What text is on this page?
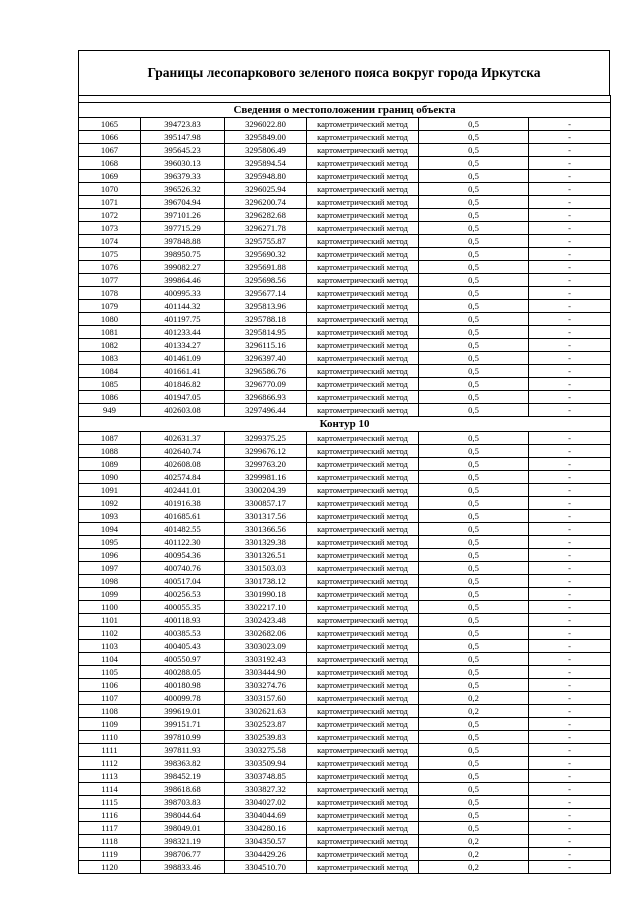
Границы лесопаркового зеленого пояса вокруг города Иркутска

Сведения о местоположении границ объекта					
1065	394723.83	3296022.80	картометрический метод	0,5	-
1066	395147.98	3295849.00	картометрический метод	0,5	-
1067	395645.23	3295806.49	картометрический метод	0,5	-
1068	396030.13	3295894.54	картометрический метод	0,5	-
1069	396379.33	3295948.80	картометрический метод	0,5	-
1070	396526.32	3296025.94	картометрический метод	0,5	-
1071	396704.94	3296200.74	картометрический метод	0,5	-
1072	397101.26	3296282.68	картометрический метод	0,5	-
1073	397715.29	3296271.78	картометрический метод	0,5	-
1074	397848.88	3295755.87	картометрический метод	0,5	-
1075	398950.75	3295690.32	картометрический метод	0,5	-
1076	399082.27	3295691.88	картометрический метод	0,5	-
1077	399864.46	3295698.56	картометрический метод	0,5	-
1078	400995.33	3295677.14	картометрический метод	0,5	-
1079	401144.32	3295813.96	картометрический метод	0,5	-
1080	401197.75	3295788.18	картометрический метод	0,5	-
1081	401233.44	3295814.95	картометрический метод	0,5	-
1082	401334.27	3296115.16	картометрический метод	0,5	-
1083	401461.09	3296397.40	картометрический метод	0,5	-
1084	401661.41	3296586.76	картометрический метод	0,5	-
1085	401846.82	3296770.09	картометрический метод	0,5	-
1086	401947.05	3296866.93	картометрический метод	0,5	-
949	402603.08	3297496.44	картометрический метод	0,5	-
Контур 10					
1087	402631.37	3299375.25	картометрический метод	0,5	-
1088	402640.74	3299676.12	картометрический метод	0,5	-
1089	402608.08	3299763.20	картометрический метод	0,5	-
1090	402574.84	3299981.16	картометрический метод	0,5	-
1091	402441.01	3300204.39	картометрический метод	0,5	-
1092	401916.38	3300857.17	картометрический метод	0,5	-
1093	401685.61	3301317.56	картометрический метод	0,5	-
1094	401482.55	3301366.56	картометрический метод	0,5	-
1095	401122.30	3301329.38	картометрический метод	0,5	-
1096	400954.36	3301326.51	картометрический метод	0,5	-
1097	400740.76	3301503.03	картометрический метод	0,5	-
1098	400517.04	3301738.12	картометрический метод	0,5	-
1099	400256.53	3301990.18	картометрический метод	0,5	-
1100	400055.35	3302217.10	картометрический метод	0,5	-
1101	400118.93	3302423.48	картометрический метод	0,5	-
1102	400385.53	3302682.06	картометрический метод	0,5	-
1103	400405.43	3303023.09	картометрический метод	0,5	-
1104	400550.97	3303192.43	картометрический метод	0,5	-
1105	400288.05	3303444.90	картометрический метод	0,5	-
1106	400180.98	3303274.76	картометрический метод	0,5	-
1107	400099.78	3303157.60	картометрический метод	0,2	-
1108	399619.01	3302621.63	картометрический метод	0,2	-
1109	399151.71	3302523.87	картометрический метод	0,5	-
1110	397810.99	3302539.83	картометрический метод	0,5	-
1111	397811.93	3303275.58	картометрический метод	0,5	-
1112	398363.82	3303509.94	картометрический метод	0,5	-
1113	398452.19	3303748.85	картометрический метод	0,5	-
1114	398618.68	3303827.32	картометрический метод	0,5	-
1115	398703.83	3304027.02	картометрический метод	0,5	-
1116	398044.64	3304044.69	картометрический метод	0,5	-
1117	398049.01	3304280.16	картометрический метод	0,5	-
1118	398321.19	3304350.57	картометрический метод	0,2	-
1119	398706.77	3304429.26	картометрический метод	0,2	-
1120	398833.46	3304510.70	картометрический метод	0,2	-
